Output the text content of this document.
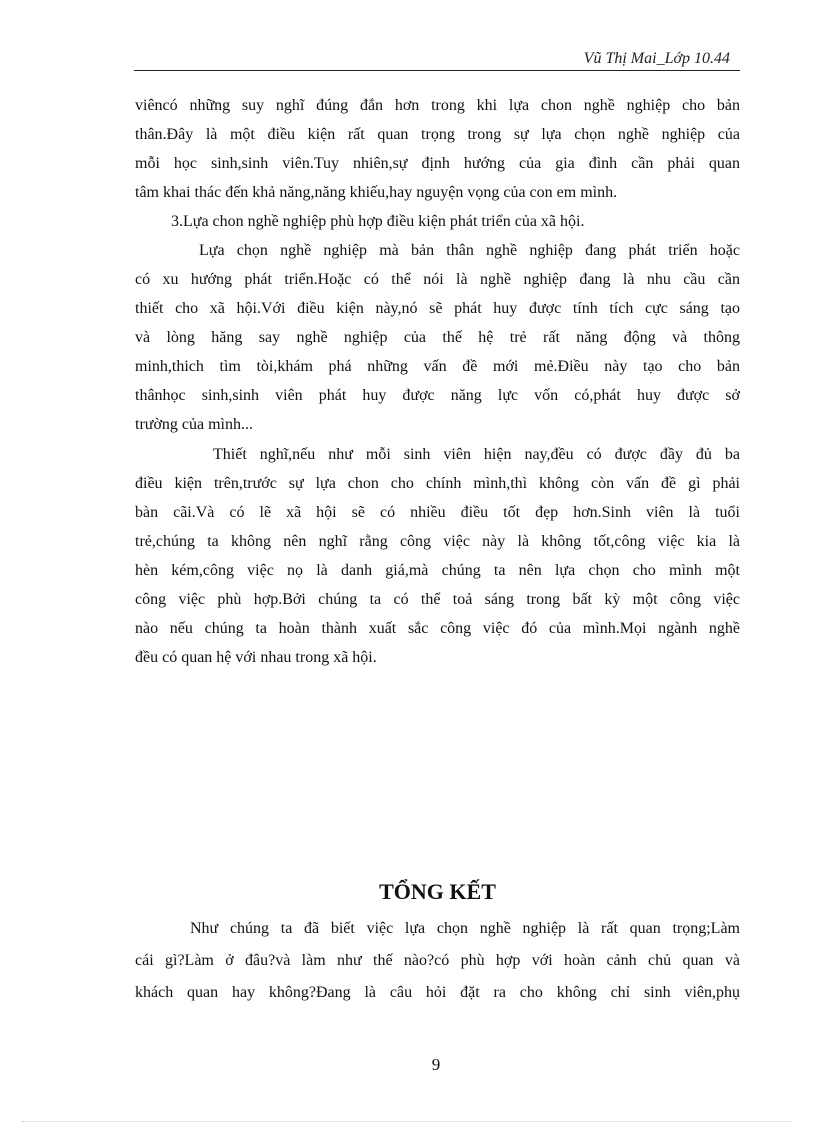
Vũ Thị Mai_Lớp 10.44
viêncó những suy nghĩ đúng đắn hơn trong khi lựa chon nghề nghiệp cho bản
thân.Đây là một điều kiện rất quan trọng trong sự lựa chọn nghề nghiệp của
mỗi học sinh,sinh viên.Tuy nhiên,sự định hướng của gia đình cần phải quan
tâm khai thác đến khả năng,năng khiếu,hay nguyện vọng của con em mình.
3.Lựa chon nghề nghiệp phù hợp điều kiện phát triển của xã hội.
Lựa chọn nghề nghiệp mà bản thân nghề nghiệp đang phát triển hoặc
có xu hướng phát triển.Hoặc có thể nói là nghề nghiệp đang là nhu cầu cần
thiết cho xã hội.Với điều kiện này,nó sẽ phát huy được tính tích cực sáng tạo
và lòng hăng say nghề nghiệp của thế hệ trẻ rất năng động và thông
minh,thich tìm tòi,khám phá những vấn đề mới mẻ.Điều này tạo cho bản
thânhọc sinh,sinh viên phát huy được năng lực vốn có,phát huy được sở
trường của mình...
Thiết nghĩ,nếu như mỗi sinh viên hiện nay,đều có được đầy đủ ba
điều kiện trên,trước sự lựa chon cho chính mình,thì không còn vấn đề gì phải
bàn cãi.Và có lẽ xã hội sẽ có nhiều điều tốt đẹp hơn.Sinh viên là tuổi
trẻ,chúng ta không nên nghĩ rằng công việc này là không tốt,công việc kia là
hèn kém,công việc nọ là danh giá,mà chúng ta nên lựa chọn cho mình một
công việc phù hợp.Bởi chúng ta có thể toả sáng trong bất kỳ một công việc
nào nếu chúng ta hoàn thành xuất sắc công việc đó của mình.Mọi ngành nghề
đều có quan hệ với nhau trong xã hội.
TỔNG KẾT
Như chúng ta đã biết việc lựa chọn nghề nghiệp là rất quan trọng;Làm
cái gì?Làm ở đâu?và làm như thế nào?có phù hợp với hoàn cảnh chủ quan và
khách quan hay không?Đang là câu hỏi đặt ra cho không chỉ sinh viên,phụ
9
